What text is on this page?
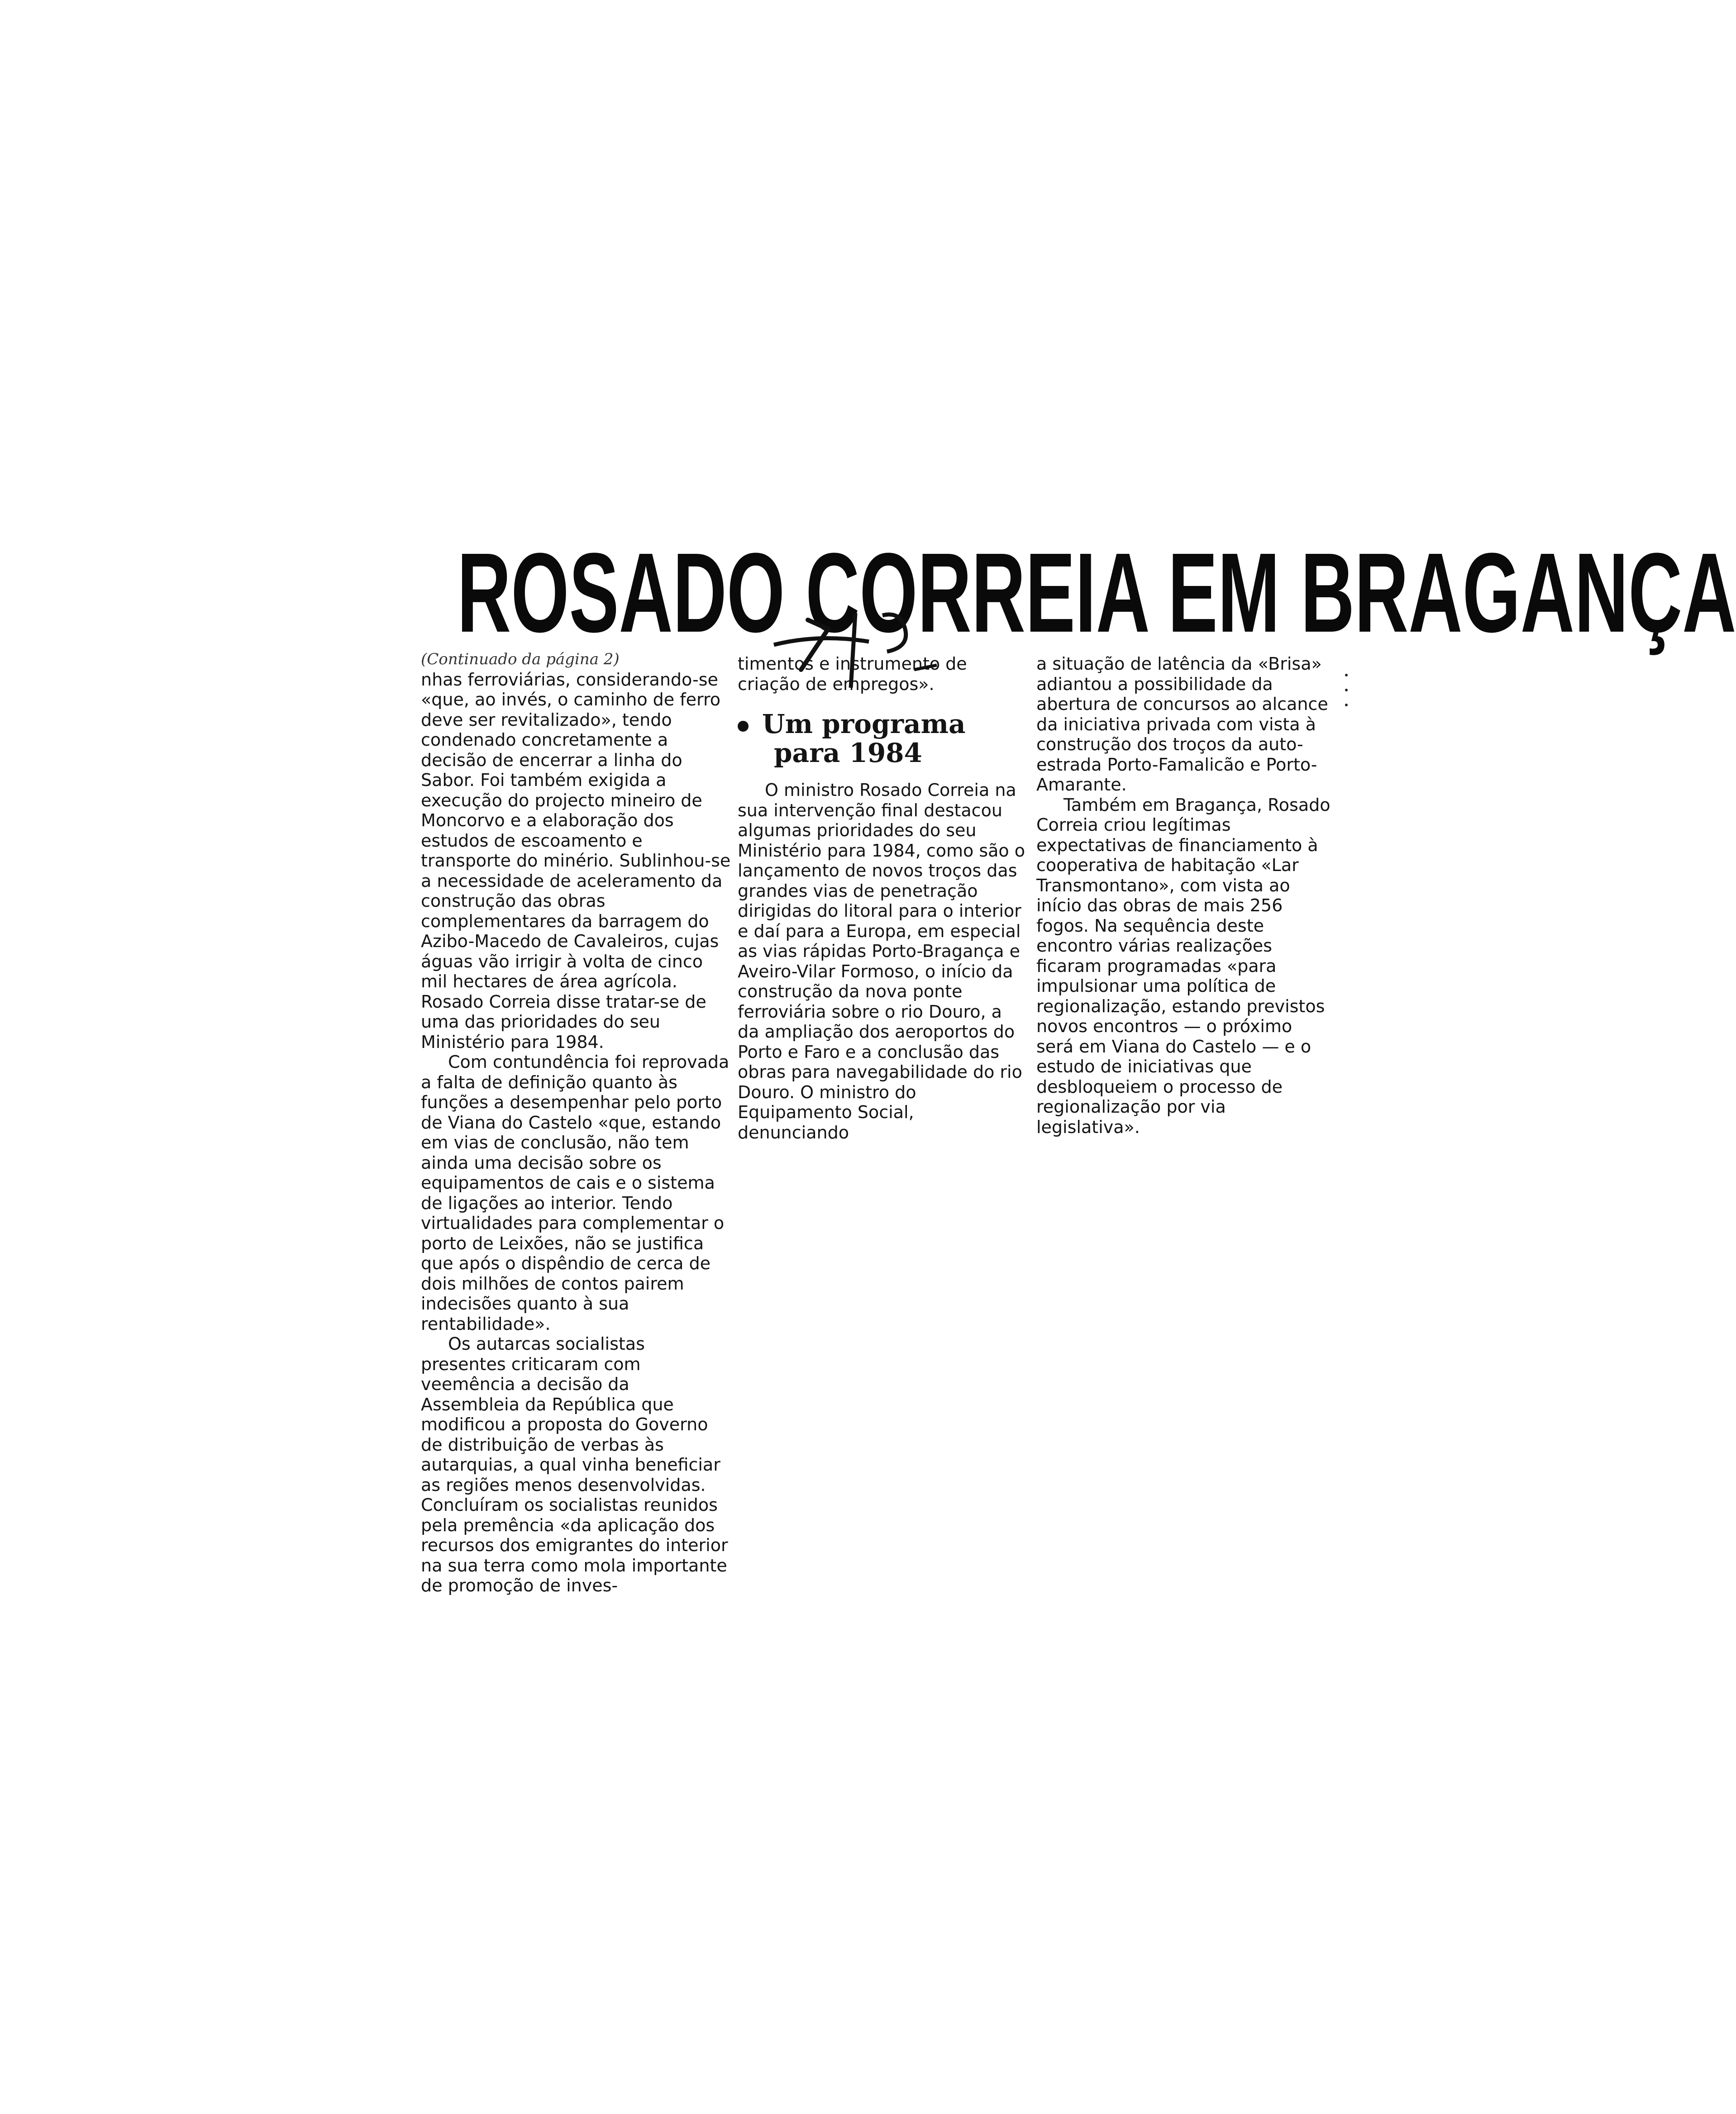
ROSADO CORREIA EM BRAGANÇA

(Continuado da página 2)

nhas ferroviárias, considerando-se «que, ao invés, o caminho de ferro deve ser revitalizado», tendo condenado concretamente a decisão de encerrar a linha do Sabor. Foi também exigida a execução do projecto mineiro de Moncorvo e a elaboração dos estudos de escoamento e transporte do minério. Sublinhou-se a necessidade de aceleramento da construção das obras complementares da barragem do Azibo-Macedo de Cavaleiros, cujas águas vão irrigir à volta de cinco mil hectares de área agrícola. Rosado Correia disse tratar-se de uma das prioridades do seu Ministério para 1984.

Com contundência foi reprovada a falta de definição quanto às funções a desempenhar pelo porto de Viana do Castelo «que, estando em vias de conclusão, não tem ainda uma decisão sobre os equipamentos de cais e o sistema de ligações ao interior. Tendo virtualidades para complementar o porto de Leixões, não se justifica que após o dispêndio de cerca de dois milhões de contos pairem indecisões quanto à sua rentabilidade».

Os autarcas socialistas presentes criticaram com veemência a decisão da Assembleia da República que modificou a proposta do Governo de distribuição de verbas às autarquias, a qual vinha beneficiar as regiões menos desenvolvidas. Concluíram os socialistas reunidos pela premência «da aplicação dos recursos dos emigrantes do interior na sua terra como mola importante de promoção de inves-

timentos e instrumento de criação de empregos».

Um programa
para 1984

O ministro Rosado Correia na sua intervenção final destacou algumas prioridades do seu Ministério para 1984, como são o lançamento de novos troços das grandes vias de penetração dirigidas do litoral para o interior e daí para a Europa, em especial as vias rápidas Porto-Bragança e Aveiro-Vilar Formoso, o início da construção da nova ponte ferroviária sobre o rio Douro, a da ampliação dos aeroportos do Porto e Faro e a conclusão das obras para navegabilidade do rio Douro. O ministro do Equipamento Social, denunciando

a situação de latência da «Brisa» adiantou a possibilidade da abertura de concursos ao alcance da iniciativa privada com vista à construção dos troços da auto-estrada Porto-Famalicão e Porto-Amarante.

Também em Bragança, Rosado Correia criou legítimas expectativas de financiamento à cooperativa de habitação «Lar Transmontano», com vista ao início das obras de mais 256 fogos. Na sequência deste encontro várias realizações ficaram programadas «para impulsionar uma política de regionalização, estando previstos novos encontros — o próximo será em Viana do Castelo — e o estudo de iniciativas que desbloqueiem o processo de regionalização por via legislativa».
